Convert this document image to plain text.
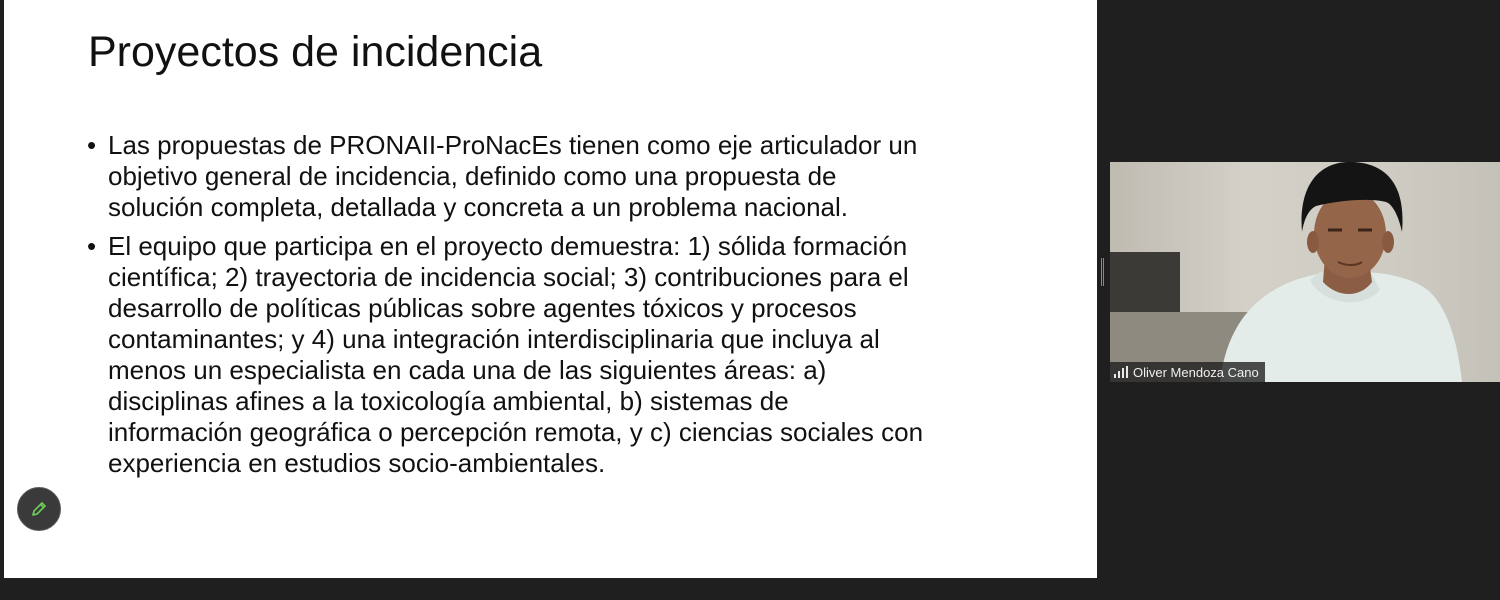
Proyectos de incidencia
• Las propuestas de PRONAII-ProNacEs tienen como eje articulador un
objetivo general de incidencia, definido como una propuesta de
solución completa, detallada y concreta a un problema nacional.
• El equipo que participa en el proyecto demuestra: 1) sólida formación
científica; 2) trayectoria de incidencia social; 3) contribuciones para el
desarrollo de políticas públicas sobre agentes tóxicos y procesos
contaminantes; y 4) una integración interdisciplinaria que incluya al
menos un especialista en cada una de las siguientes áreas: a)
disciplinas afines a la toxicología ambiental, b) sistemas de
información geográfica o percepción remota, y c) ciencias sociales con
experiencia en estudios socio-ambientales.
Oliver Mendoza Cano
